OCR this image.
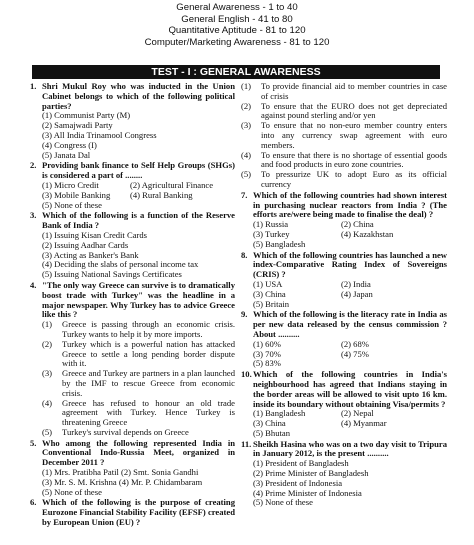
General Awareness - 1 to 40
General English - 41 to 80
Quantitative Aptitude - 81 to 120
Computer/Marketing Awareness - 81 to 120
TEST - I : GENERAL AWARENESS
1. Shri Mukul Roy who was inducted in the Union Cabinet belongs to which of the following political parties?
(1) Communist Party (M)
(2) Samajwadi Party
(3) All India Trinamool Congress
(4) Congress (I)
(5) Janata Dal
2. Providing bank finance to Self Help Groups (SHGs) is considered a part of ........
(1) Micro Credit	(2) Agricultural Finance
(3) Mobile Banking	(4) Rural Banking
(5) None of these
3. Which of the following is a function of the Reserve Bank of India ?
(1) Issuing Kisan Credit Cards
(2) Issuing Aadhar Cards
(3) Acting as Banker's Bank
(4) Deciding the slabs of personal income tax
(5) Issuing National Savings Certificates
4. "The only way Greece can survive is to dramatically boost trade with Turkey" was the headline in a major newspaper. Why Turkey has to advice Greece like this ?
(1)	Greece is passing through an economic crisis. Turkey wants to help it by more imports.
(2)	Turkey which is a powerful nation has attacked Greece to settle a long pending border dispute with it.
(3)	Greece and Turkey are partners in a plan launched by the IMF to rescue Greece from economic crisis.
(4)	Greece has refused to honour an old trade agreement with Turkey. Hence Turkey is threatening Greece
(5)	Turkey's survival depends on Greece
5. Who among the following represented India in Conventional Indo-Russia Meet, organized in December 2011 ?
(1) Mrs. Pratibha Patil (2) Smt. Sonia Gandhi
(3) Mr. S. M. Krishna (4) Mr. P. Chidambaram
(5) None of these
6. Which of the following is the purpose of creating Eurozone Financial Stability Facility (EFSF) created by European Union (EU) ?
(1)	To provide financial aid to member countries in case of crisis
(2)	To ensure that the EURO does not get depreciated against pound sterling and/or yen
(3)	To ensure that no non-euro member country enters into any currency swap agreement with euro members.
(4)	To ensure that there is no shortage of essential goods and food products in euro zone countries.
(5)	To pressurize UK to adopt Euro as its official currency
7. Which of the following countries had shown interest in purchasing nuclear reactors from India ? (The efforts are/were being made to finalise the deal) ?
(1) Russia	(2) China
(3) Turkey	(4) Kazakhstan
(5) Bangladesh
8. Which of the following countries has launched a new index-Comparative Rating Index of Sovereigns (CRIS) ?
(1) USA	(2) India
(3) China	(4) Japan
(5) Britain
9. Which of the following is the literacy rate in India as per new data released by the census commission ? About ..........
(1) 60%	(2) 68%
(3) 70%	(4) 75%
(5) 83%
10. Which of the following countries in India's neighbourhood has agreed that Indians staying in the border areas will be allowed to visit upto 16 km. inside its boundary without obtaining Visa/permits ?
(1) Bangladesh	(2) Nepal
(3) China	(4) Myanmar
(5) Bhutan
11. Sheikh Hasina who was on a two day visit to Tripura in January 2012, is the present ..........
(1) President of Bangladesh
(2) Prime Minister of Bangladesh
(3) President of Indonesia
(4) Prime Minister of Indonesia
(5) None of these
